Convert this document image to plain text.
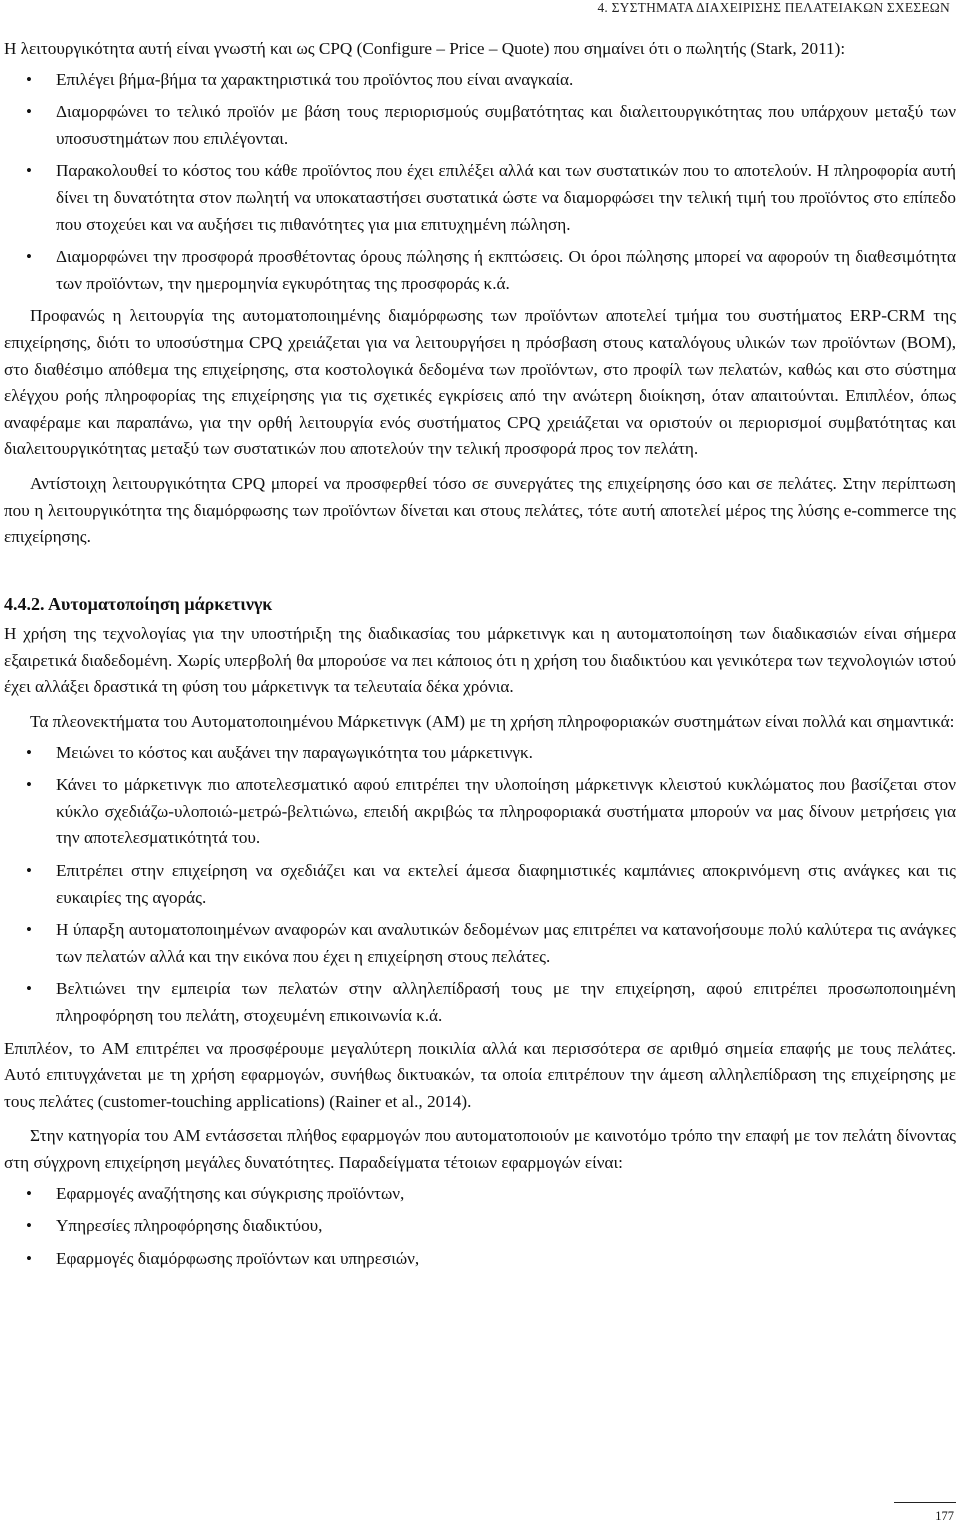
4. ΣΥΣΤΗΜΑΤΑ ΔΙΑΧΕΙΡΙΣΗΣ ΠΕΛΑΤΕΙΑΚΩΝ ΣΧΕΣΕΩΝ

Η λειτουργικότητα αυτή είναι γνωστή και ως CPQ (Configure – Price – Quote) που σημαίνει ότι ο πωλητής (Stark, 2011):

• Επιλέγει βήμα-βήμα τα χαρακτηριστικά του προϊόντος που είναι αναγκαία.
• Διαμορφώνει το τελικό προϊόν με βάση τους περιορισμούς συμβατότητας και διαλειτουργικότητας που υπάρχουν μεταξύ των υποσυστημάτων που επιλέγονται.
• Παρακολουθεί το κόστος του κάθε προϊόντος που έχει επιλέξει αλλά και των συστατικών που το αποτελούν. Η πληροφορία αυτή δίνει τη δυνατότητα στον πωλητή να υποκαταστήσει συστατικά ώστε να διαμορφώσει την τελική τιμή του προϊόντος στο επίπεδο που στοχεύει και να αυξήσει τις πιθανότητες για μια επιτυχημένη πώληση.
• Διαμορφώνει την προσφορά προσθέτοντας όρους πώλησης ή εκπτώσεις. Οι όροι πώλησης μπορεί να αφορούν τη διαθεσιμότητα των προϊόντων, την ημερομηνία εγκυρότητας της προσφοράς κ.ά.

Προφανώς η λειτουργία της αυτοματοποιημένης διαμόρφωσης των προϊόντων αποτελεί τμήμα του συστήματος ERP-CRM της επιχείρησης, διότι το υποσύστημα CPQ χρειάζεται για να λειτουργήσει η πρόσβαση στους καταλόγους υλικών των προϊόντων (BOM), στο διαθέσιμο απόθεμα της επιχείρησης, στα κοστολογικά δεδομένα των προϊόντων, στο προφίλ των πελατών, καθώς και στο σύστημα ελέγχου ροής πληροφορίας της επιχείρησης για τις σχετικές εγκρίσεις από την ανώτερη διοίκηση, όταν απαιτούνται. Επιπλέον, όπως αναφέραμε και παραπάνω, για την ορθή λειτουργία ενός συστήματος CPQ χρειάζεται να οριστούν οι περιορισμοί συμβατότητας και διαλειτουργικότητας μεταξύ των συστατικών που αποτελούν την τελική προσφορά προς τον πελάτη.

Αντίστοιχη λειτουργικότητα CPQ μπορεί να προσφερθεί τόσο σε συνεργάτες της επιχείρησης όσο και σε πελάτες. Στην περίπτωση που η λειτουργικότητα της διαμόρφωσης των προϊόντων δίνεται και στους πελάτες, τότε αυτή αποτελεί μέρος της λύσης e-commerce της επιχείρησης.

4.4.2. Αυτοματοποίηση μάρκετινγκ

Η χρήση της τεχνολογίας για την υποστήριξη της διαδικασίας του μάρκετινγκ και η αυτοματοποίηση των διαδικασιών είναι σήμερα εξαιρετικά διαδεδομένη. Χωρίς υπερβολή θα μπορούσε να πει κάποιος ότι η χρήση του διαδικτύου και γενικότερα των τεχνολογιών ιστού έχει αλλάξει δραστικά τη φύση του μάρκετινγκ τα τελευταία δέκα χρόνια.

Τα πλεονεκτήματα του Αυτοματοποιημένου Μάρκετινγκ (AM) με τη χρήση πληροφοριακών συστημάτων είναι πολλά και σημαντικά:

• Μειώνει το κόστος και αυξάνει την παραγωγικότητα του μάρκετινγκ.
• Κάνει το μάρκετινγκ πιο αποτελεσματικό αφού επιτρέπει την υλοποίηση μάρκετινγκ κλειστού κυκλώματος που βασίζεται στον κύκλο σχεδιάζω-υλοποιώ-μετρώ-βελτιώνω, επειδή ακριβώς τα πληροφοριακά συστήματα μπορούν να μας δίνουν μετρήσεις για την αποτελεσματικότητά του.
• Επιτρέπει στην επιχείρηση να σχεδιάζει και να εκτελεί άμεσα διαφημιστικές καμπάνιες αποκρινόμενη στις ανάγκες και τις ευκαιρίες της αγοράς.
• Η ύπαρξη αυτοματοποιημένων αναφορών και αναλυτικών δεδομένων μας επιτρέπει να κατανοήσουμε πολύ καλύτερα τις ανάγκες των πελατών αλλά και την εικόνα που έχει η επιχείρηση στους πελάτες.
• Βελτιώνει την εμπειρία των πελατών στην αλληλεπίδρασή τους με την επιχείρηση, αφού επιτρέπει προσωποποιημένη πληροφόρηση του πελάτη, στοχευμένη επικοινωνία κ.ά.

Επιπλέον, το AM επιτρέπει να προσφέρουμε μεγαλύτερη ποικιλία αλλά και περισσότερα σε αριθμό σημεία επαφής με τους πελάτες. Αυτό επιτυγχάνεται με τη χρήση εφαρμογών, συνήθως δικτυακών, τα οποία επιτρέπουν την άμεση αλληλεπίδραση της επιχείρησης με τους πελάτες (customer-touching applications) (Rainer et al., 2014).

Στην κατηγορία του AM εντάσσεται πλήθος εφαρμογών που αυτοματοποιούν με καινοτόμο τρόπο την επαφή με τον πελάτη δίνοντας στη σύγχρονη επιχείρηση μεγάλες δυνατότητες. Παραδείγματα τέτοιων εφαρμογών είναι:

• Εφαρμογές αναζήτησης και σύγκρισης προϊόντων,
• Υπηρεσίες πληροφόρησης διαδικτύου,
• Εφαρμογές διαμόρφωσης προϊόντων και υπηρεσιών,
177
